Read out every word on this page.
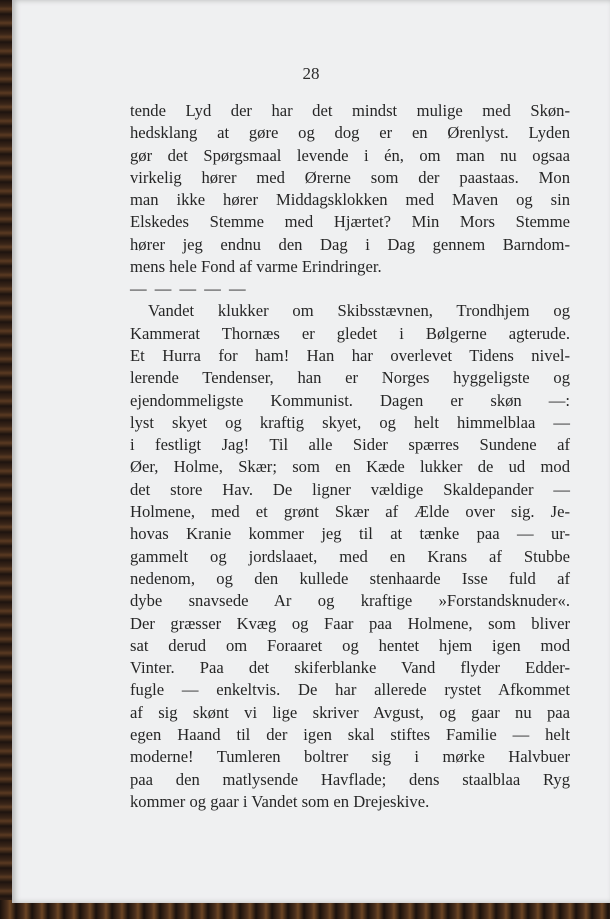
28
tende Lyd der har det mindst mulige med Skøn-
hedsklang at gøre og dog er en Ørenlyst. Lyden
gør det Spørgsmaal levende i én, om man nu ogsaa
virkelig hører med Ørerne som der paastaas. Mon
man ikke hører Middagsklokken med Maven og sin
Elskedes Stemme med Hjærtet? Min Mors Stemme
hører jeg endnu den Dag i Dag gennem Barndom-
mens hele Fond af varme Erindringer.
— — — — —
Vandet klukker om Skibsstævnen, Trondhjem og
Kammerat Thornæs er gledet i Bølgerne agterude.
Et Hurra for ham! Han har overlevet Tidens nivel-
lerende Tendenser, han er Norges hyggeligste og
ejendommeligste Kommunist. Dagen er skøn —:
lyst skyet og kraftig skyet, og helt himmelblaa —
i festligt Jag! Til alle Sider spærres Sundene af
Øer, Holme, Skær; som en Kæde lukker de ud mod
det store Hav. De ligner vældige Skaldepander —
Holmene, med et grønt Skær af Ælde over sig. Je-
hovas Kranie kommer jeg til at tænke paa — ur-
gammelt og jordslaaet, med en Krans af Stubbe
nedenom, og den kullede stenhaarde Isse fuld af
dybe snavsede Ar og kraftige »Forstandsknuder«.
Der græsser Kvæg og Faar paa Holmene, som bliver
sat derud om Foraaret og hentet hjem igen mod
Vinter. Paa det skiferblanke Vand flyder Edder-
fugle — enkeltvis. De har allerede rystet Afkommet
af sig skønt vi lige skriver Avgust, og gaar nu paa
egen Haand til der igen skal stiftes Familie — helt
moderne! Tumleren boltrer sig i mørke Halvbuer
paa den matlysende Havflade; dens staalblaa Ryg
kommer og gaar i Vandet som en Drejeskive.
